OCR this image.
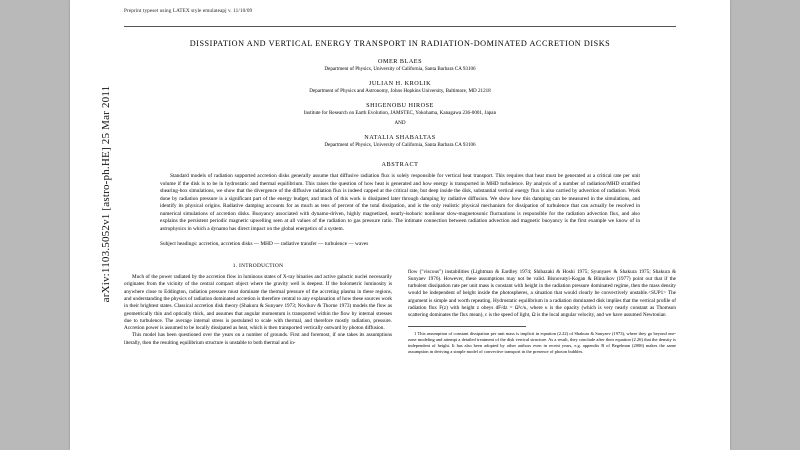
arXiv:1103.5052v1 [astro-ph.HE] 25 Mar 2011
Preprint typeset using LATEX style emulateapj v. 11/10/09
DISSIPATION AND VERTICAL ENERGY TRANSPORT IN RADIATION-DOMINATED ACCRETION DISKS
OMER BLAES
Department of Physics, University of California, Santa Barbara CA 93106
JULIAN H. KROLIK
Department of Physics and Astronomy, Johns Hopkins University, Baltimore, MD 21218
SHIGENOBU HIROSE
Institute for Research on Earth Evolution, JAMSTEC, Yokohama, Kanagawa 236-0001, Japan
AND
NATALIA SHABALTAS
Department of Physics, University of California, Santa Barbara CA 93106
ABSTRACT

Standard models of radiation supported accretion disks generally assume that diffusive radiation flux is solely responsible for vertical heat transport. This requires that heat must be generated at a critical rate per unit volume if the disk is to be in hydrostatic and thermal equilibrium. This raises the question of how heat is generated and how energy is transported in MHD turbulence. By analysis of a number of radiation/MHD stratified shearing-box simulations, we show that the divergence of the diffusive radiation flux is indeed capped at the critical rate, but deep inside the disk, substantial vertical energy flux is also carried by advection of radiation. Work done by radiation pressure is a significant part of the energy budget, and much of this work is dissipated later through damping by radiative diffusion. We show how this damping can be measured in the simulations, and identify its physical origins. Radiative damping accounts for as much as tens of percent of the total dissipation, and is the only realistic physical mechanism for dissipation of turbulence that can actually be resolved in numerical simulations of accretion disks. Buoyancy associated with dynamo-driven, highly magnetized, nearly-isobaric nonlinear slow-magnetosonic fluctuations is responsible for the radiation advection flux, and also explains the persistent periodic magnetic upwelling seen at all values of the radiation to gas pressure ratio. The intimate connection between radiation advection and magnetic buoyancy is the first example we know of in astrophysics in which a dynamo has direct impact on the global energetics of a system.

Subject headings: accretion, accretion disks — MHD — radiative transfer — turbulence — waves
1. INTRODUCTION

Much of the power radiated by the accretion flow in luminous states of X-ray binaries and active galactic nuclei necessarily originates from the vicinity of the central compact object where the gravity well is deepest. If the bolometric luminosity is anywhere close to Eddington, radiation pressure must dominate the thermal pressure of the accreting plasma in these regions, and understanding the physics of radiation dominated accretion is therefore central to any explanation of how these sources work in their brightest states. Classical accretion disk theory (Shakura & Sunyaev 1973; Novikov & Thorne 1973) models the flow as geometrically thin and optically thick, and assumes that angular momentum is transported within the flow by internal stresses due to turbulence. The average internal stress is postulated to scale with thermal, and therefore mostly radiation, pressure. Accretion power is assumed to be locally dissipated as heat, which is then transported vertically outward by photon diffusion.

This model has been questioned over the years on a number of grounds. First and foremost, if one takes its assumptions literally, then the resulting equilibrium structure is unstable to both thermal and in-

flow ("viscous") instabilities (Lightman & Eardley 1974; Shibazaki & Hoshi 1975; Syunyaev & Shakura 1975; Shakura & Sunyaev 1976). However, these assumptions may not be valid. Bisnovatyi-Kogan & Blinnikov (1977) point out that if the turbulent dissipation rate per unit mass is constant with height in the radiation pressure dominated regime, then the mass density would be independent of height inside the photospheres, a situation that would clearly be convectively unstable.<SUP1> The argument is simple and worth repeating. Hydrostatic equilibrium in a radiation dominated disk implies that the vertical profile of radiation flux F(z) with height z obeys dF/dz = Ω²c/κ, where κ is the opacity (which is very nearly constant as Thomson scattering dominates the flux mean), c is the speed of light, Ω is the local angular velocity, and we have assumed Newtonian

1 This assumption of constant dissipation per unit mass is implicit in equation (2.22) of Shakura & Sunyaev (1973), where they go beyond one-zone modeling and attempt a detailed treatment of the disk vertical structure. As a result, they conclude after their equation (2.26) that the density is independent of height. It has also been adopted by other authors even in recent years, e.g. appendix B of Begelman (2006) makes the same assumption in deriving a simple model of convective transport in the presence of photon bubbles.
